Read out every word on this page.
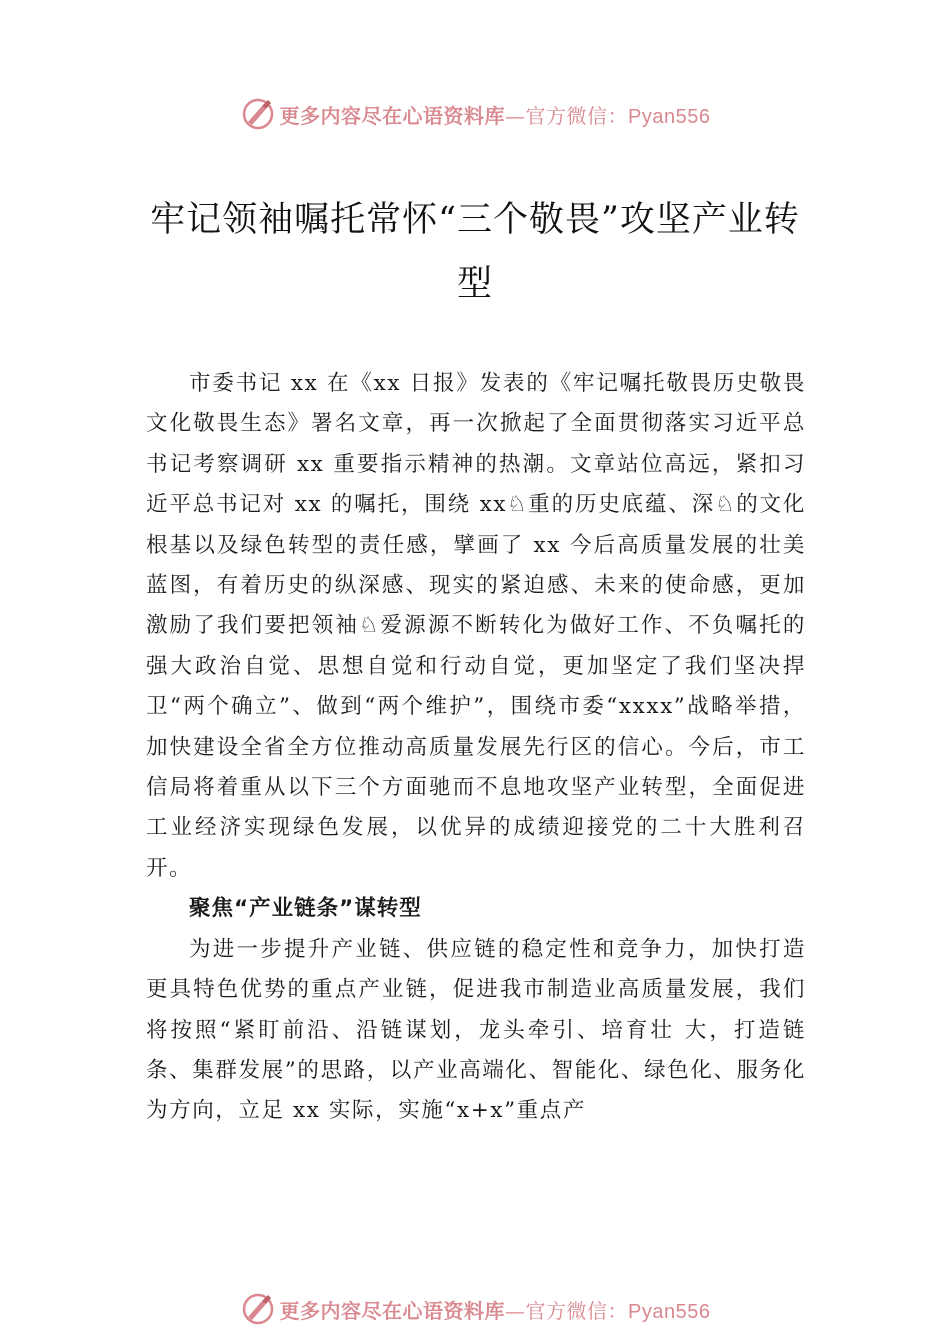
更多内容尽在心语资料库—官方微信：Pyan556
牢记领袖嘱托常怀“三个敬畏”攻坚产业转型

市委书记 xx 在《xx 日报》发表的《牢记嘱托敬畏历史敬畏文化敬畏生态》署名文章，再一次掀起了全面贯彻落实习近平总书记考察调研 xx 重要指示精神的热潮。文章站位高远，紧扣习近平总书记对 xx 的嘱托，围绕 xx♘重的历史底蕴、深♘的文化根基以及绿色转型的责任感，擘画了 xx 今后高质量发展的壮美蓝图，有着历史的纵深感、现实的紧迫感、未来的使命感，更加激励了我们要把领袖♘爱源源不断转化为做好工作、不负嘱托的强大政治自觉、思想自觉和行动自觉，更加坚定了我们坚决捍卫“两个确立”、做到“两个维护”，围绕市委“xxxx”战略举措，加快建设全省全方位推动高质量发展先行区的信心。今后，市工信局将着重从以下三个方面驰而不息地攻坚产业转型，全面促进工业经济实现绿色发展，以优异的成绩迎接党的二十大胜利召开。

聚焦“产业链条”谋转型

为进一步提升产业链、供应链的稳定性和竞争力，加快打造更具特色优势的重点产业链，促进我市制造业高质量发展，我们将按照“紧盯前沿、沿链谋划，龙头牵引、培育壮 大，打造链条、集群发展”的思路，以产业高端化、智能化、绿色化、服务化为方向，立足 xx 实际，实施“x+x”重点产

更多内容尽在心语资料库—官方微信：Pyan556
